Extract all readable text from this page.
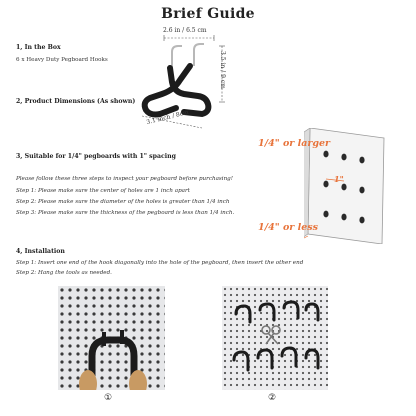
Brief Guide
1, In the Box
6 x Heavy Duty Pegboard Hooks
2.6 in / 6.5 cm
3.5 in / 9 cm
3.1 inch / 8cm
2, Product Dimensions (As shown)
1/4" or larger
1"
1/4" or less
3, Suitable for 1/4" pegboards with 1" spacing
Please follow these three steps to inspect your pegboard before purchasing!
Step 1: Please make sure the center of holes are 1 inch apart
Step 2: Please make sure the diameter of the holes is greater than 1/4 inch
Step 3: Please make sure the thickness of the pegboard is less than 1/4 inch.
4, Installation
Step 1: Insert one end of the hook diagonally into the hole of the pegboard, then insert the other end
Step 2: Hang the tools as needed.
①	②
